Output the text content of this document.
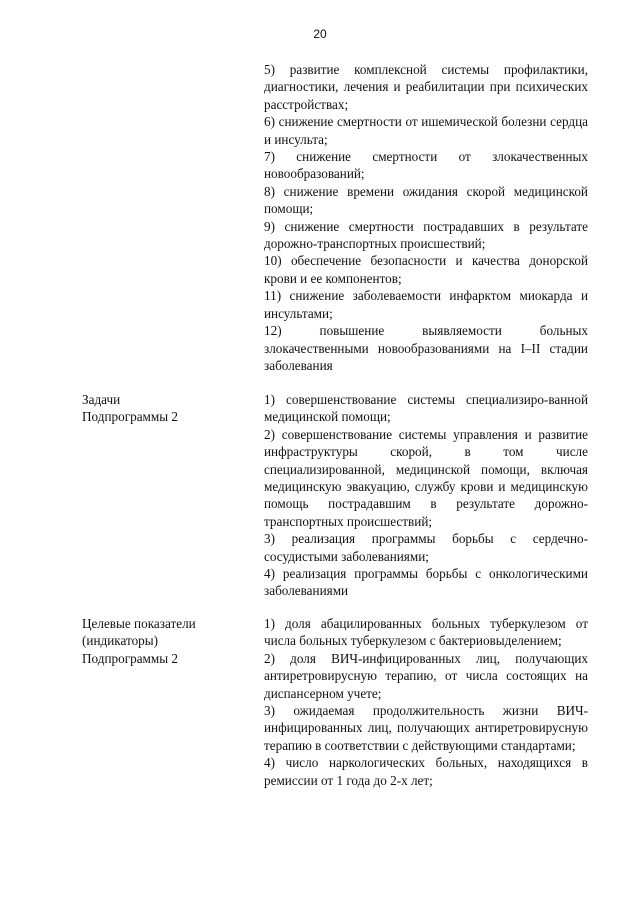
20
5) развитие комплексной системы профилактики, диагностики, лечения и реабилитации при психических расстройствах;
6) снижение смертности от ишемической болезни сердца и инсульта;
7) снижение смертности от злокачественных новообразований;
8) снижение времени ожидания скорой медицинской помощи;
9) снижение смертности пострадавших в результате дорожно-транспортных происшествий;
10) обеспечение безопасности и качества донорской крови и ее компонентов;
11) снижение заболеваемости инфарктом миокарда и инсультами;
12) повышение выявляемости больных злокачественными новообразованиями на I–II стадии заболевания
Задачи
Подпрограммы 2
1) совершенствование системы специализиро-ванной медицинской помощи;
2) совершенствование системы управления и развитие инфраструктуры скорой, в том числе специализированной, медицинской помощи, включая медицинскую эвакуацию, службу крови и медицинскую помощь пострадавшим в результате дорожно-транспортных происшествий;
3) реализация программы борьбы с сердечно-сосудистыми заболеваниями;
4) реализация программы борьбы с онкологическими заболеваниями
Целевые показатели
(индикаторы)
Подпрограммы 2
1) доля абацилированных больных туберкулезом от числа больных туберкулезом с бактериовыделением;
2) доля ВИЧ-инфицированных лиц, получающих антиретровирусную терапию, от числа состоящих на диспансерном учете;
3) ожидаемая продолжительность жизни ВИЧ-инфицированных лиц, получающих антиретровирусную терапию в соответствии с действующими стандартами;
4) число наркологических больных, находящихся в ремиссии от 1 года до 2-х лет;
